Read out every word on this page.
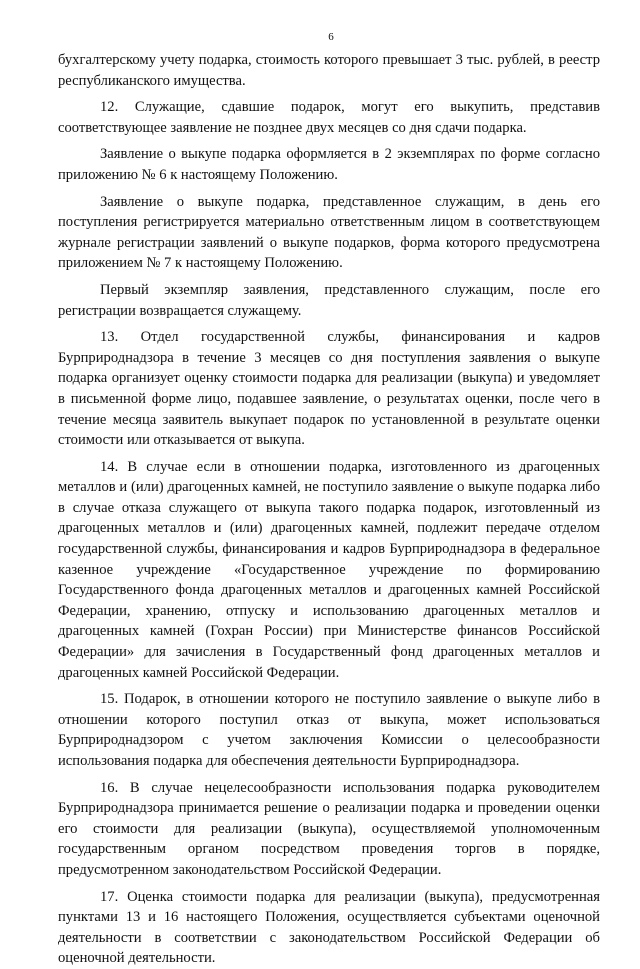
6

бухгалтерскому учету подарка, стоимость которого превышает 3 тыс. рублей, в реестр республиканского имущества.

12. Служащие, сдавшие подарок, могут его выкупить, представив соответствующее заявление не позднее двух месяцев со дня сдачи подарка.

Заявление о выкупе подарка оформляется в 2 экземплярах по форме согласно приложению № 6 к настоящему Положению.

Заявление о выкупе подарка, представленное служащим, в день его поступления регистрируется материально ответственным лицом в соответствующем журнале регистрации заявлений о выкупе подарков, форма которого предусмотрена приложением № 7 к настоящему Положению.

Первый экземпляр заявления, представленного служащим, после его регистрации возвращается служащему.

13. Отдел государственной службы, финансирования и кадров Бурприроднадзора в течение 3 месяцев со дня поступления заявления о выкупе подарка организует оценку стоимости подарка для реализации (выкупа) и уведомляет в письменной форме лицо, подавшее заявление, о результатах оценки, после чего в течение месяца заявитель выкупает подарок по установленной в результате оценки стоимости или отказывается от выкупа.

14. В случае если в отношении подарка, изготовленного из драгоценных металлов и (или) драгоценных камней, не поступило заявление о выкупе подарка либо в случае отказа служащего от выкупа такого подарка подарок, изготовленный из драгоценных металлов и (или) драгоценных камней, подлежит передаче отделом государственной службы, финансирования и кадров Бурприроднадзора в федеральное казенное учреждение «Государственное учреждение по формированию Государственного фонда драгоценных металлов и драгоценных камней Российской Федерации, хранению, отпуску и использованию драгоценных металлов и драгоценных камней (Гохран России) при Министерстве финансов Российской Федерации» для зачисления в Государственный фонд драгоценных металлов и драгоценных камней Российской Федерации.

15. Подарок, в отношении которого не поступило заявление о выкупе либо в отношении которого поступил отказ от выкупа, может использоваться Бурприроднадзором с учетом заключения Комиссии о целесообразности использования подарка для обеспечения деятельности Бурприроднадзора.

16. В случае нецелесообразности использования подарка руководителем Бурприроднадзора принимается решение о реализации подарка и проведении оценки его стоимости для реализации (выкупа), осуществляемой уполномоченным государственным органом посредством проведения торгов в порядке, предусмотренном законодательством Российской Федерации.

17. Оценка стоимости подарка для реализации (выкупа), предусмотренная пунктами 13 и 16 настоящего Положения, осуществляется субъектами оценочной деятельности в соответствии с законодательством Российской Федерации об оценочной деятельности.
